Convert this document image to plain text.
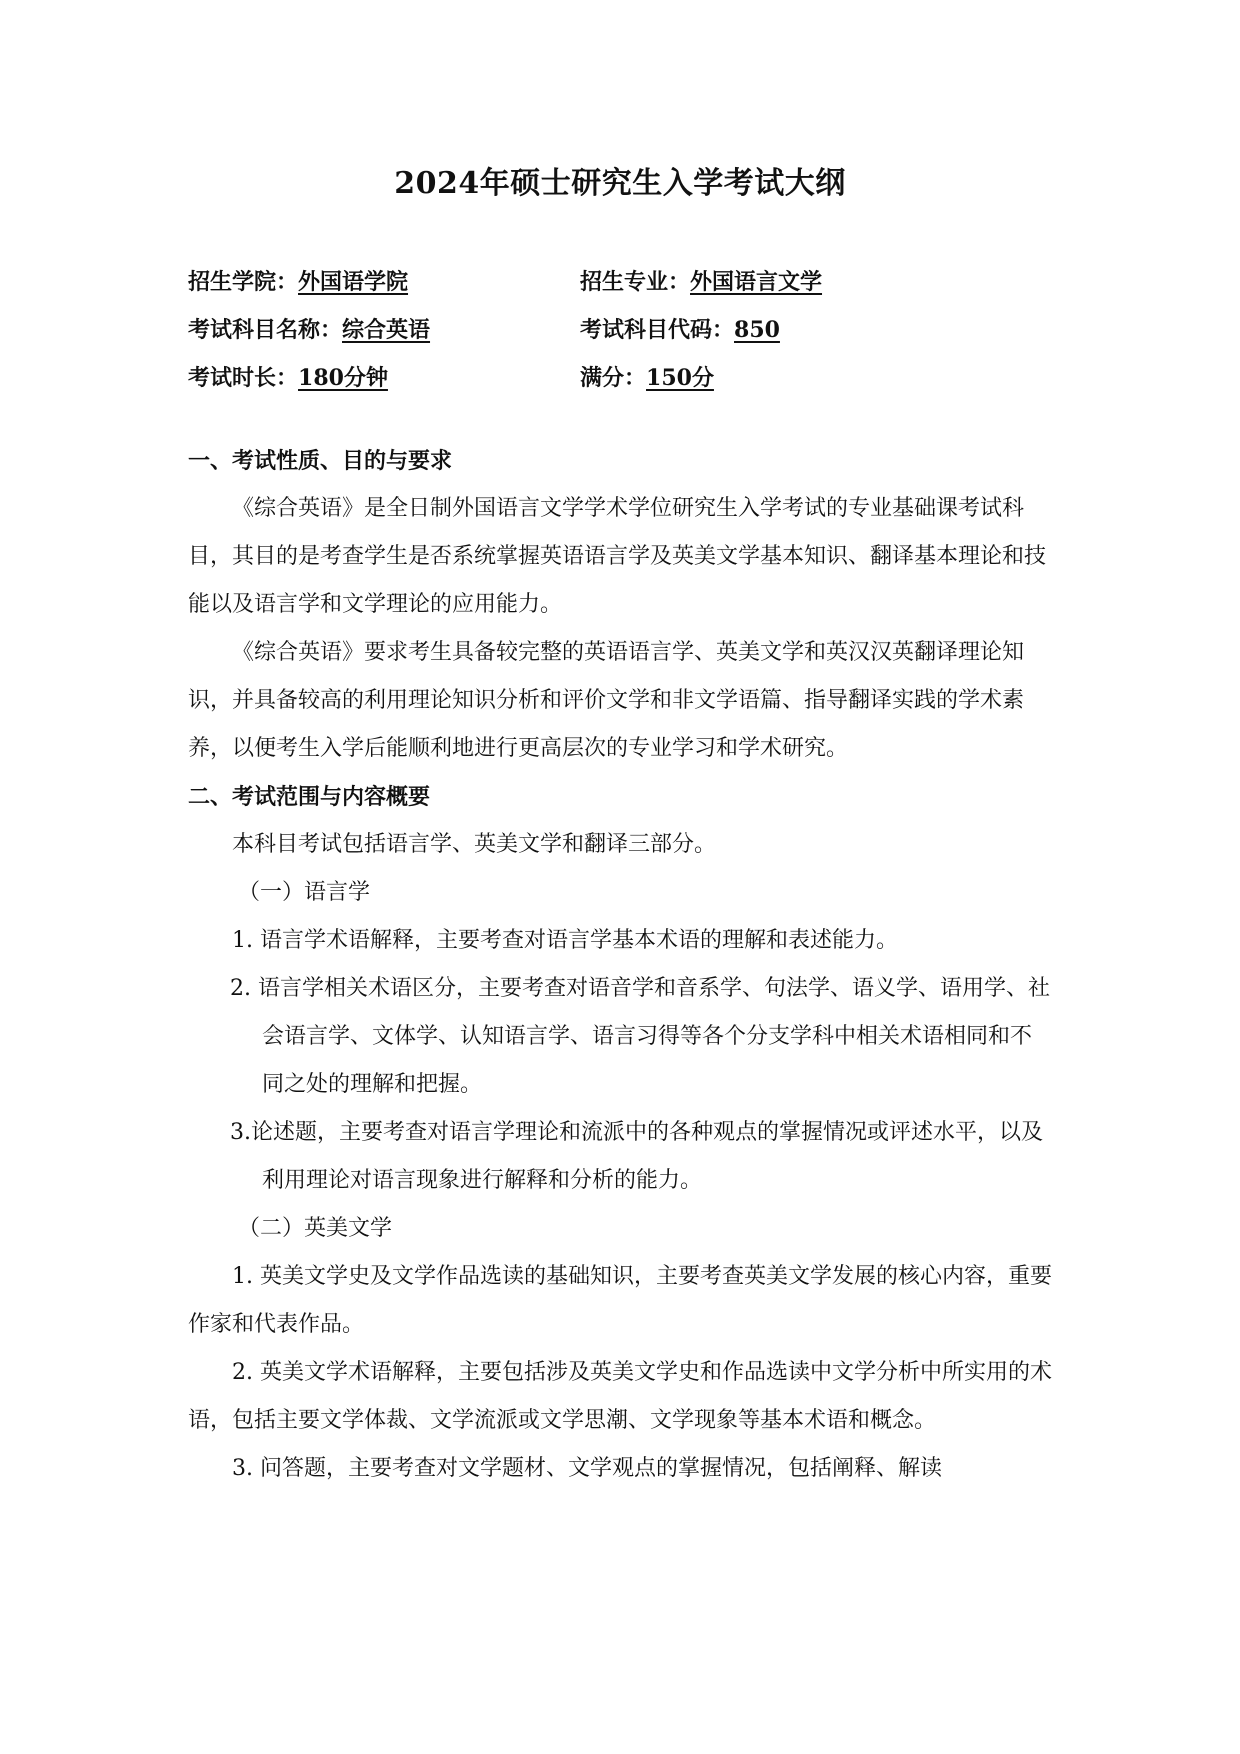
2024年硕士研究生入学考试大纲
招生学院：外国语学院	招生专业：外国语言文学
考试科目名称：综合英语	考试科目代码：850
考试时长：180分钟	满分：150分

一、考试性质、目的与要求

《综合英语》是全日制外国语言文学学术学位研究生入学考试的专业基础课考试科目，其目的是考查学生是否系统掌握英语语言学及英美文学基本知识、翻译基本理论和技能以及语言学和文学理论的应用能力。

《综合英语》要求考生具备较完整的英语语言学、英美文学和英汉汉英翻译理论知识，并具备较高的利用理论知识分析和评价文学和非文学语篇、指导翻译实践的学术素养，以便考生入学后能顺利地进行更高层次的专业学习和学术研究。

二、考试范围与内容概要

本科目考试包括语言学、英美文学和翻译三部分。

（一）语言学

1. 语言学术语解释，主要考查对语言学基本术语的理解和表述能力。

2. 语言学相关术语区分，主要考查对语音学和音系学、句法学、语义学、语用学、社会语言学、文体学、认知语言学、语言习得等各个分支学科中相关术语相同和不同之处的理解和把握。

3.论述题，主要考查对语言学理论和流派中的各种观点的掌握情况或评述水平，以及利用理论对语言现象进行解释和分析的能力。

（二）英美文学

1. 英美文学史及文学作品选读的基础知识，主要考查英美文学发展的核心内容，重要作家和代表作品。

2. 英美文学术语解释，主要包括涉及英美文学史和作品选读中文学分析中所实用的术语，包括主要文学体裁、文学流派或文学思潮、文学现象等基本术语和概念。

3. 问答题，主要考查对文学题材、文学观点的掌握情况，包括阐释、解读
